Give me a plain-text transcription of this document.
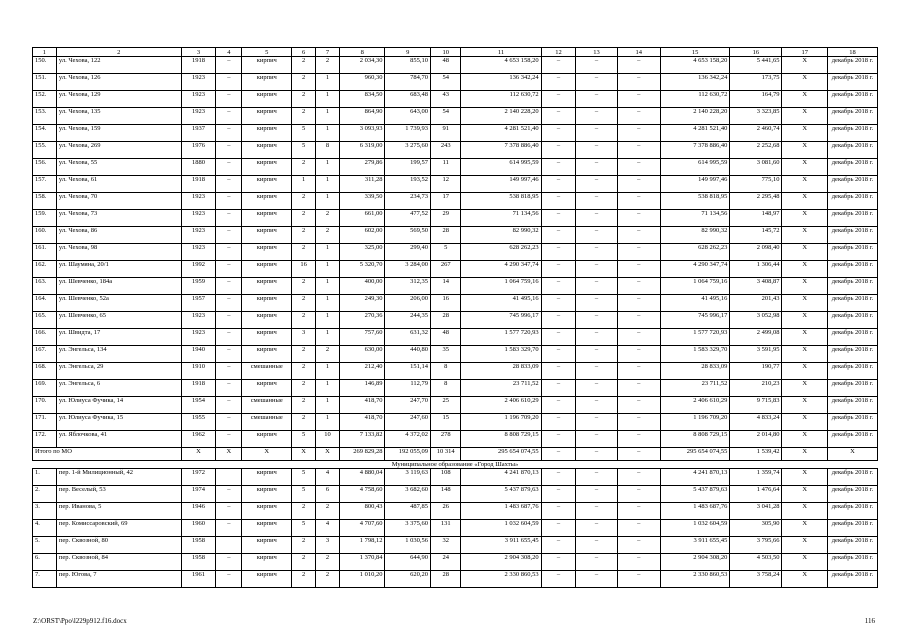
1	2	3	4	5	6	7	8	9	10	11	12	13	14	15	16	17	18
150.	ул. Чехова, 122	1918	–	кирпич	2	2	2 034,30	855,10	48	4 653 158,20	–	–	–	4 653 158,20	5 441,65	X	декабрь 2018 г.
151.	ул. Чехова, 126	1923	–	кирпич	2	1	960,30	784,70	54	136 342,24	–	–	–	136 342,24	173,75	X	декабрь 2018 г.
152.	ул. Чехова, 129	1923	–	кирпич	2	1	834,50	683,48	43	112 630,72	–	–	–	112 630,72	164,79	X	декабрь 2018 г.
153.	ул. Чехова, 135	1923	–	кирпич	2	1	864,90	643,00	54	2 140 228,20	–	–	–	2 140 228,20	3 323,85	X	декабрь 2018 г.
154.	ул. Чехова, 159	1937	–	кирпич	5	1	3 093,93	1 739,93	91	4 281 521,40	–	–	–	4 281 521,40	2 460,74	X	декабрь 2018 г.
155.	ул. Чехова, 269	1976	–	кирпич	5	8	6 319,00	3 275,60	243	7 378 886,40	–	–	–	7 378 886,40	2 252,68	X	декабрь 2018 г.
156.	ул. Чехова, 55	1880	–	кирпич	2	1	279,86	199,57	11	614 995,59	–	–	–	614 995,59	3 081,60	X	декабрь 2018 г.
157.	ул. Чехова, 61	1918	–	кирпич	1	1	311,28	193,52	12	149 997,46	–	–	–	149 997,46	775,10	X	декабрь 2018 г.
158.	ул. Чехова, 70	1923	–	кирпич	2	1	339,50	234,73	17	538 818,95	–	–	–	538 818,95	2 295,48	X	декабрь 2018 г.
159.	ул. Чехова, 73	1923	–	кирпич	2	2	661,00	477,52	29	71 134,56	–	–	–	71 134,56	148,97	X	декабрь 2018 г.
160.	ул. Чехова, 86	1923	–	кирпич	2	2	602,00	569,50	28	82 990,32	–	–	–	82 990,32	145,72	X	декабрь 2018 г.
161.	ул. Чехова, 98	1923	–	кирпич	2	1	325,00	299,40	5	628 262,23	–	–	–	628 262,23	2 098,40	X	декабрь 2018 г.
162.	ул. Шаумяна, 20/1	1992	–	кирпич	16	1	5 320,70	3 284,00	267	4 290 347,74	–	–	–	4 290 347,74	1 306,44	X	декабрь 2018 г.
163.	ул. Шевченко, 184а	1959	–	кирпич	2	1	400,00	312,35	14	1 064 759,16	–	–	–	1 064 759,16	3 408,87	X	декабрь 2018 г.
164.	ул. Шевченко, 52а	1957	–	кирпич	2	1	249,30	206,00	16	41 495,16	–	–	–	41 495,16	201,43	X	декабрь 2018 г.
165.	ул. Шевченко, 65	1923	–	кирпич	2	1	270,36	244,35	28	745 996,17	–	–	–	745 996,17	3 052,98	X	декабрь 2018 г.
166.	ул. Швидта, 17	1923	–	кирпич	3	1	757,60	631,32	48	1 577 720,93	–	–	–	1 577 720,93	2 499,08	X	декабрь 2018 г.
167.	ул. Энгельса, 134	1940	–	кирпич	2	2	630,00	440,80	35	1 583 329,70	–	–	–	1 583 329,70	3 591,95	X	декабрь 2018 г.
168.	ул. Энгельса, 29	1910	–	смешанные	2	1	212,40	151,14	8	28 833,09	–	–	–	28 833,09	190,77	X	декабрь 2018 г.
169.	ул. Энгельса, 6	1918	–	кирпич	2	1	146,89	112,79	8	23 711,52	–	–	–	23 711,52	210,23	X	декабрь 2018 г.
170.	ул. Юлиуса Фучика, 14	1954	–	смешанные	2	1	418,70	247,70	25	2 406 610,29	–	–	–	2 406 610,29	9 715,83	X	декабрь 2018 г.
171.	ул. Юлиуса Фучика, 15	1955	–	смешанные	2	1	418,70	247,60	15	1 196 709,20	–	–	–	1 196 709,20	4 833,24	X	декабрь 2018 г.
172.	ул. Яблочкова, 41	1962	–	кирпич	5	10	7 133,82	4 372,02	278	8 808 729,15	–	–	–	8 808 729,15	2 014,80	X	декабрь 2018 г.
Итого по МО		X	X	X	X	X	269 829,28	192 055,09	10 314	295 654 074,55	–	–	–	295 654 074,55	1 539,42	X	X
Муниципальное образование «Город Шахты»																	
1.	пер. 1-й Милиционный, 42	1972		кирпич	5	4	4 880,04	3 119,63	108	4 241 870,13	–	–	–	4 241 870,13	1 359,74	X	декабрь 2018 г.
2.	пер. Веселый, 53	1974	–	кирпич	5	6	4 758,60	3 682,60	148	5 437 879,63	–	–	–	5 437 879,63	1 476,64	X	декабрь 2018 г.
3.	пер. Иванова, 5	1946	–	кирпич	2	2	800,43	487,85	26	1 483 687,76	–	–	–	1 483 687,76	3 041,28	X	декабрь 2018 г.
4.	пер. Комиссаровский, 69	1960	–	кирпич	5	4	4 707,60	3 375,60	131	1 032 604,59	–	–	–	1 032 604,59	305,90	X	декабрь 2018 г.
5.	пер. Сквозной, 80	1958		кирпич	2	3	1 798,12	1 030,56	32	3 911 655,45	–	–	–	3 911 655,45	3 795,66	X	декабрь 2018 г.
6.	пер. Сквозной, 84	1958	–	кирпич	2	2	1 370,84	644,90	24	2 904 308,20	–	–	–	2 904 308,20	4 503,50	X	декабрь 2018 г.
7.	пер. Югова, 7	1961	–	кирпич	2	2	1 010,20	620,20	28	2 330 860,53	–	–	–	2 330 860,53	3 758,24	X	декабрь 2018 г.
Z:\ORST\Ppo\l229p912.f16.docx	116
